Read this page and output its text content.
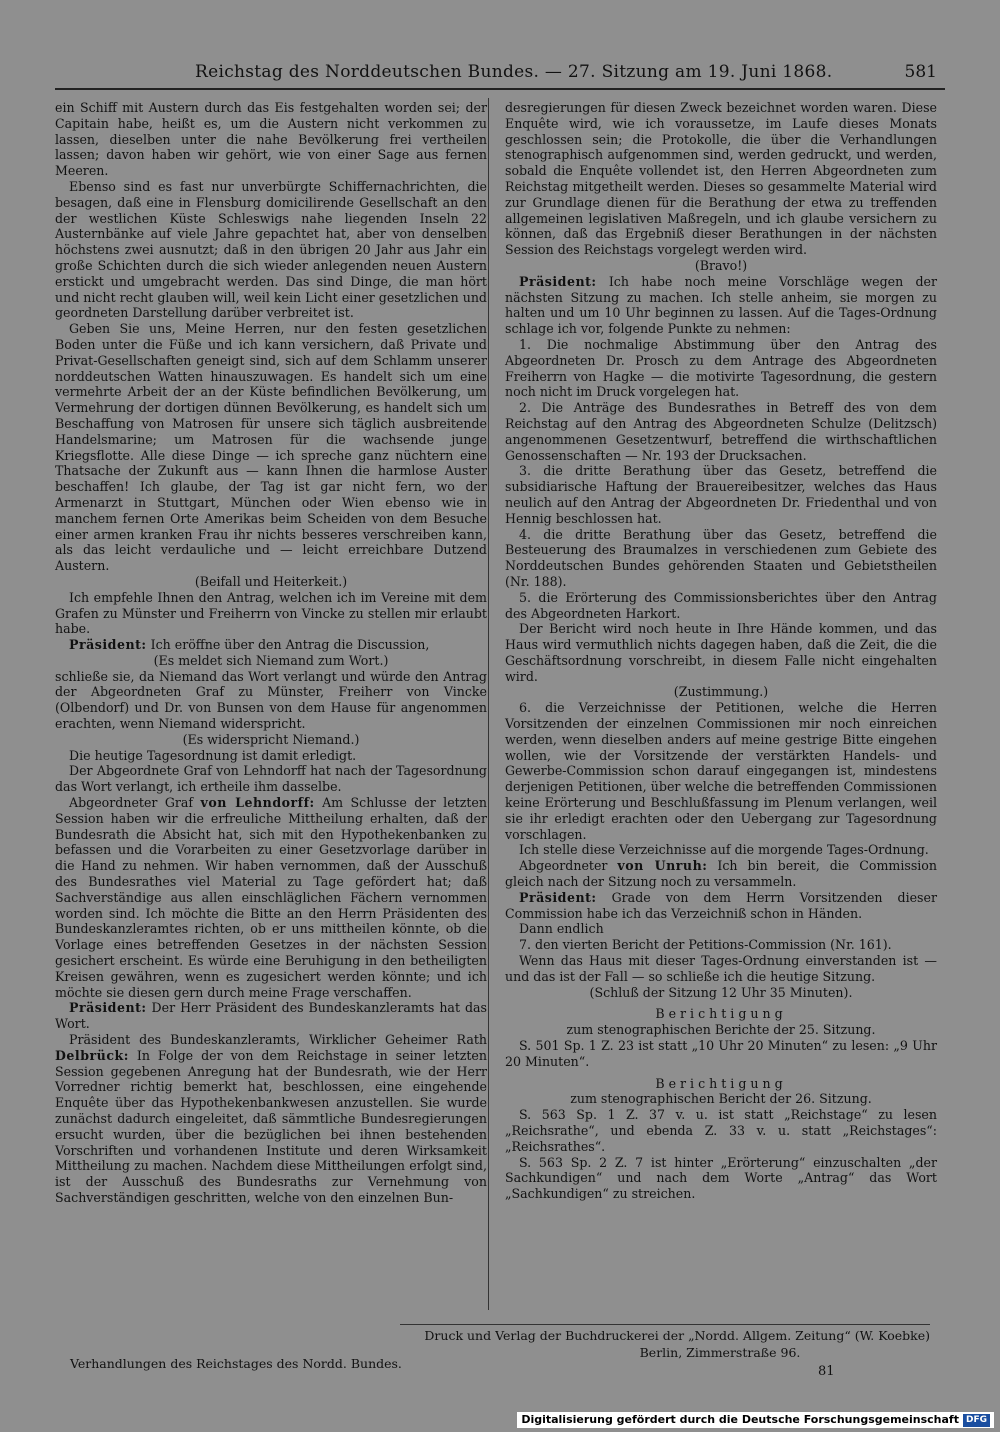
Reichstag des Norddeutschen Bundes. — 27. Sitzung am 19. Juni 1868.	581

ein Schiff mit Austern durch das Eis festgehalten worden sei; der Capitain habe, heißt es, um die Austern nicht verkommen zu lassen, dieselben unter die nahe Bevölkerung frei vertheilen lassen; davon haben wir gehört, wie von einer Sage aus fernen Meeren.

Ebenso sind es fast nur unverbürgte Schiffernachrichten, die besagen, daß eine in Flensburg domicilirende Gesellschaft an den der westlichen Küste Schleswigs nahe liegenden Inseln 22 Austernbänke auf viele Jahre gepachtet hat, aber von denselben höchstens zwei ausnutzt; daß in den übrigen 20 Jahr aus Jahr ein große Schichten durch die sich wieder anlegenden neuen Austern erstickt und umgebracht werden. Das sind Dinge, die man hört und nicht recht glauben will, weil kein Licht einer gesetzlichen und geordneten Darstellung darüber verbreitet ist.

Geben Sie uns, Meine Herren, nur den festen gesetzlichen Boden unter die Füße und ich kann versichern, daß Private und Privat-Gesellschaften geneigt sind, sich auf dem Schlamm unserer norddeutschen Watten hinauszuwagen. Es handelt sich um eine vermehrte Arbeit der an der Küste befindlichen Bevölkerung, um Vermehrung der dortigen dünnen Bevölkerung, es handelt sich um Beschaffung von Matrosen für unsere sich täglich ausbreitende Handelsmarine; um Matrosen für die wachsende junge Kriegsflotte. Alle diese Dinge — ich spreche ganz nüchtern eine Thatsache der Zukunft aus — kann Ihnen die harmlose Auster beschaffen! Ich glaube, der Tag ist gar nicht fern, wo der Armenarzt in Stuttgart, München oder Wien ebenso wie in manchem fernen Orte Amerikas beim Scheiden von dem Besuche einer armen kranken Frau ihr nichts besseres verschreiben kann, als das leicht verdauliche und — leicht erreichbare Dutzend Austern.

(Beifall und Heiterkeit.)

Ich empfehle Ihnen den Antrag, welchen ich im Vereine mit dem Grafen zu Münster und Freiherrn von Vincke zu stellen mir erlaubt habe.

Präsident: Ich eröffne über den Antrag die Discussion,

(Es meldet sich Niemand zum Wort.)

schließe sie, da Niemand das Wort verlangt und würde den Antrag der Abgeordneten Graf zu Münster, Freiherr von Vincke (Olbendorf) und Dr. von Bunsen von dem Hause für angenommen erachten, wenn Niemand widerspricht.

(Es widerspricht Niemand.)

Die heutige Tagesordnung ist damit erledigt.

Der Abgeordnete Graf von Lehndorff hat nach der Tagesordnung das Wort verlangt, ich ertheile ihm dasselbe.

Abgeordneter Graf von Lehndorff: Am Schlusse der letzten Session haben wir die erfreuliche Mittheilung erhalten, daß der Bundesrath die Absicht hat, sich mit den Hypothekenbanken zu befassen und die Vorarbeiten zu einer Gesetzvorlage darüber in die Hand zu nehmen. Wir haben vernommen, daß der Ausschuß des Bundesrathes viel Material zu Tage gefördert hat; daß Sachverständige aus allen einschläglichen Fächern vernommen worden sind. Ich möchte die Bitte an den Herrn Präsidenten des Bundeskanzleramtes richten, ob er uns mittheilen könnte, ob die Vorlage eines betreffenden Gesetzes in der nächsten Session gesichert erscheint. Es würde eine Beruhigung in den betheiligten Kreisen gewähren, wenn es zugesichert werden könnte; und ich möchte sie diesen gern durch meine Frage verschaffen.

Präsident: Der Herr Präsident des Bundeskanzleramts hat das Wort.

Präsident des Bundeskanzleramts, Wirklicher Geheimer Rath Delbrück: In Folge der von dem Reichstage in seiner letzten Session gegebenen Anregung hat der Bundesrath, wie der Herr Vorredner richtig bemerkt hat, beschlossen, eine eingehende Enquête über das Hypothekenbankwesen anzustellen. Sie wurde zunächst dadurch eingeleitet, daß sämmtliche Bundesregierungen ersucht wurden, über die bezüglichen bei ihnen bestehenden Vorschriften und vorhandenen Institute und deren Wirksamkeit Mittheilung zu machen. Nachdem diese Mittheilungen erfolgt sind, ist der Ausschuß des Bundesraths zur Vernehmung von Sachverständigen geschritten, welche von den einzelnen Bun-

desregierungen für diesen Zweck bezeichnet worden waren. Diese Enquête wird, wie ich voraussetze, im Laufe dieses Monats geschlossen sein; die Protokolle, die über die Verhandlungen stenographisch aufgenommen sind, werden gedruckt, und werden, sobald die Enquête vollendet ist, den Herren Abgeordneten zum Reichstag mitgetheilt werden. Dieses so gesammelte Material wird zur Grundlage dienen für die Berathung der etwa zu treffenden allgemeinen legislativen Maßregeln, und ich glaube versichern zu können, daß das Ergebniß dieser Berathungen in der nächsten Session des Reichstags vorgelegt werden wird.

(Bravo!)

Präsident: Ich habe noch meine Vorschläge wegen der nächsten Sitzung zu machen. Ich stelle anheim, sie morgen zu halten und um 10 Uhr beginnen zu lassen. Auf die Tages-Ordnung schlage ich vor, folgende Punkte zu nehmen:

1. Die nochmalige Abstimmung über den Antrag des Abgeordneten Dr. Prosch zu dem Antrage des Abgeordneten Freiherrn von Hagke — die motivirte Tagesordnung, die gestern noch nicht im Druck vorgelegen hat.

2. Die Anträge des Bundesrathes in Betreff des von dem Reichstag auf den Antrag des Abgeordneten Schulze (Delitzsch) angenommenen Gesetzentwurf, betreffend die wirthschaftlichen Genossenschaften — Nr. 193 der Drucksachen.

3. die dritte Berathung über das Gesetz, betreffend die subsidiarische Haftung der Brauereibesitzer, welches das Haus neulich auf den Antrag der Abgeordneten Dr. Friedenthal und von Hennig beschlossen hat.

4. die dritte Berathung über das Gesetz, betreffend die Besteuerung des Braumalzes in verschiedenen zum Gebiete des Norddeutschen Bundes gehörenden Staaten und Gebietstheilen (Nr. 188).

5. die Erörterung des Commissionsberichtes über den Antrag des Abgeordneten Harkort.

Der Bericht wird noch heute in Ihre Hände kommen, und das Haus wird vermuthlich nichts dagegen haben, daß die Zeit, die die Geschäftsordnung vorschreibt, in diesem Falle nicht eingehalten wird.

(Zustimmung.)

6. die Verzeichnisse der Petitionen, welche die Herren Vorsitzenden der einzelnen Commissionen mir noch einreichen werden, wenn dieselben anders auf meine gestrige Bitte eingehen wollen, wie der Vorsitzende der verstärkten Handels- und Gewerbe-Commission schon darauf eingegangen ist, mindestens derjenigen Petitionen, über welche die betreffenden Commissionen keine Erörterung und Beschlußfassung im Plenum verlangen, weil sie ihr erledigt erachten oder den Uebergang zur Tagesordnung vorschlagen.

Ich stelle diese Verzeichnisse auf die morgende Tages-Ordnung.

Abgeordneter von Unruh: Ich bin bereit, die Commission gleich nach der Sitzung noch zu versammeln.

Präsident: Grade von dem Herrn Vorsitzenden dieser Commission habe ich das Verzeichniß schon in Händen.

Dann endlich

7. den vierten Bericht der Petitions-Commission (Nr. 161).

Wenn das Haus mit dieser Tages-Ordnung einverstanden ist — und das ist der Fall — so schließe ich die heutige Sitzung.

(Schluß der Sitzung 12 Uhr 35 Minuten).

Berichtigung

zum stenographischen Berichte der 25. Sitzung.

S. 501 Sp. 1 Z. 23 ist statt „10 Uhr 20 Minuten“ zu lesen: „9 Uhr 20 Minuten“.

Berichtigung

zum stenographischen Bericht der 26. Sitzung.

S. 563 Sp. 1 Z. 37 v. u. ist statt „Reichstage“ zu lesen „Reichsrathe“, und ebenda Z. 33 v. u. statt „Reichstages“: „Reichsrathes“.

S. 563 Sp. 2 Z. 7 ist hinter „Erörterung“ einzuschalten „der Sachkundigen“ und nach dem Worte „Antrag“ das Wort „Sachkundigen“ zu streichen.

Druck und Verlag der Buchdruckerei der „Nordd. Allgem. Zeitung“ (W. Koebke)
Berlin, Zimmerstraße 96.
Verhandlungen des Reichstages des Nordd. Bundes.
81
Digitalisierung gefördert durch die Deutsche Forschungsgemeinschaft DFG
